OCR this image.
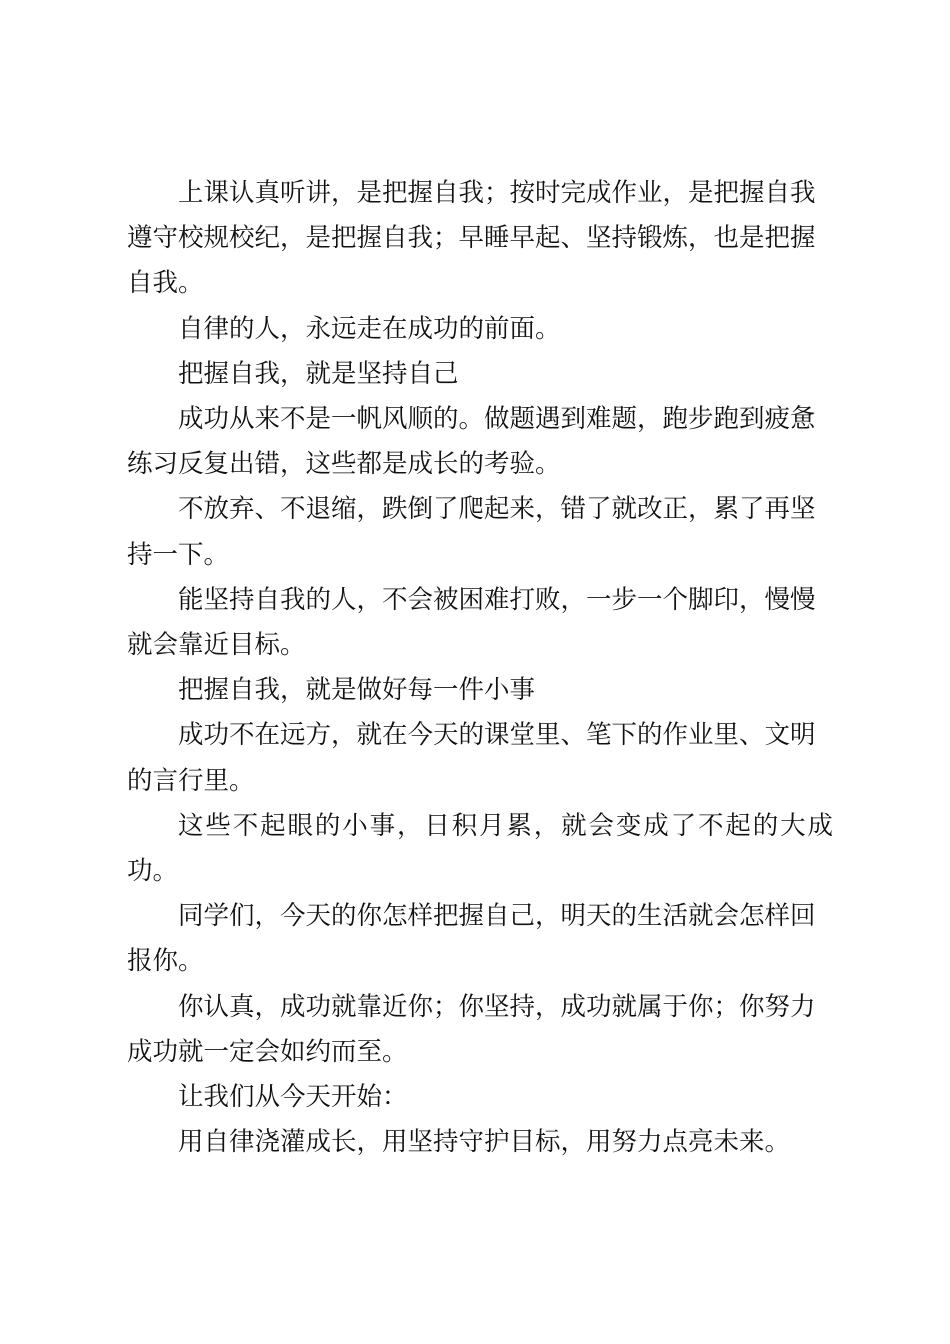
上课认真听讲，是把握自我；按时完成作业，是把握自我
遵守校规校纪，是把握自我；早睡早起、坚持锻炼，也是把握
自我。

自律的人，永远走在成功的前面。

把握自我，就是坚持自己

成功从来不是一帆风顺的。做题遇到难题，跑步跑到疲惫
练习反复出错，这些都是成长的考验。

不放弃、不退缩，跌倒了爬起来，错了就改正，累了再坚
持一下。

能坚持自我的人，不会被困难打败，一步一个脚印，慢慢
就会靠近目标。

把握自我，就是做好每一件小事

成功不在远方，就在今天的课堂里、笔下的作业里、文明
的言行里。

这些不起眼的小事，日积月累，就会变成了不起的大成功。

同学们，今天的你怎样把握自己，明天的生活就会怎样回
报你。

你认真，成功就靠近你；你坚持，成功就属于你；你努力
成功就一定会如约而至。

让我们从今天开始：

用自律浇灌成长，用坚持守护目标，用努力点亮未来。
